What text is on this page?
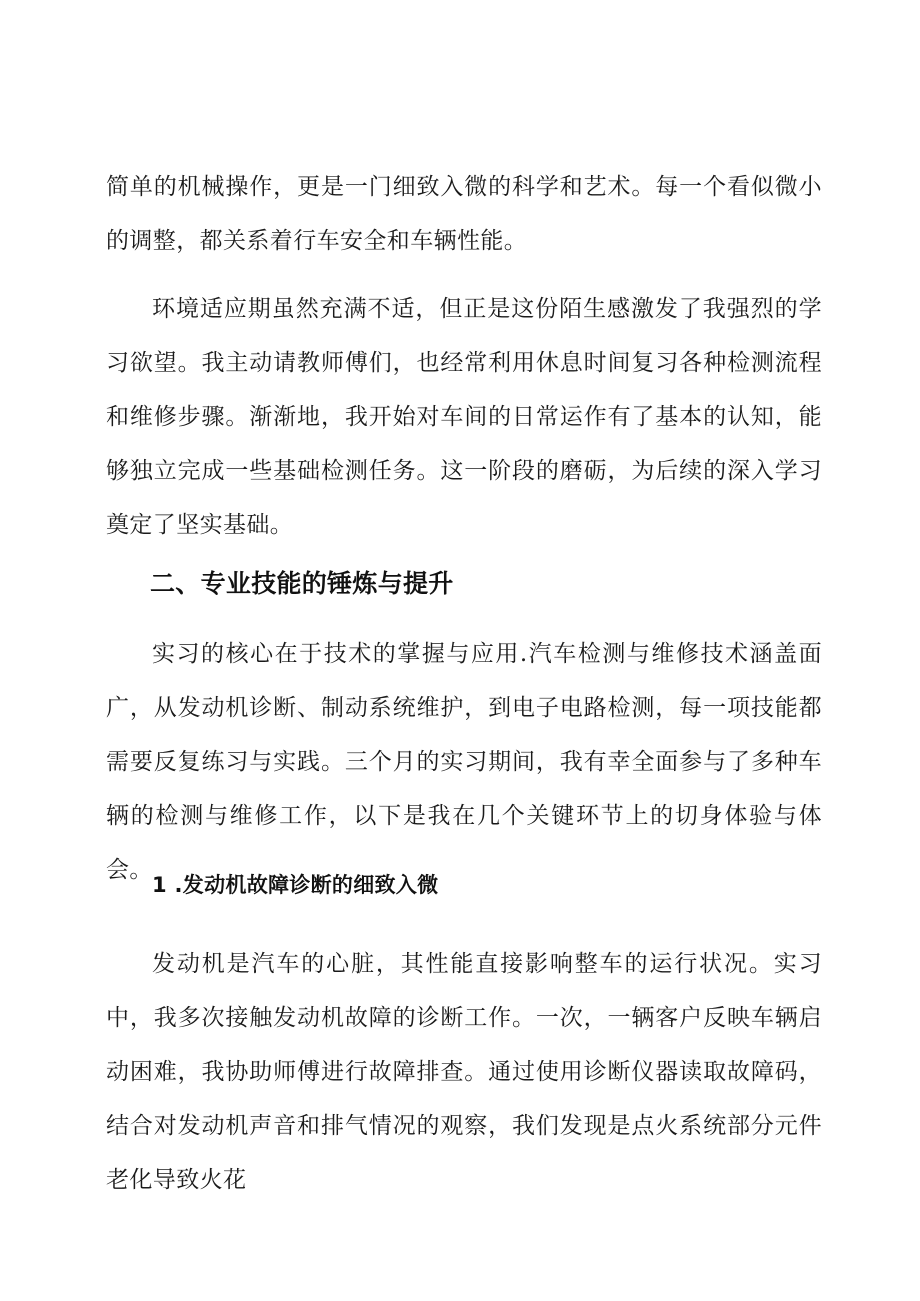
简单的机械操作，更是一门细致入微的科学和艺术。每一个看似微小的调整，都关系着行车安全和车辆性能。

环境适应期虽然充满不适，但正是这份陌生感激发了我强烈的学习欲望。我主动请教师傅们，也经常利用休息时间复习各种检测流程和维修步骤。渐渐地，我开始对车间的日常运作有了基本的认知，能够独立完成一些基础检测任务。这一阶段的磨砺，为后续的深入学习奠定了坚实基础。

二、专业技能的锤炼与提升

实习的核心在于技术的掌握与应用.汽车检测与维修技术涵盖面广，从发动机诊断、制动系统维护，到电子电路检测，每一项技能都需要反复练习与实践。三个月的实习期间，我有幸全面参与了多种车辆的检测与维修工作，以下是我在几个关键环节上的切身体验与体会。

1 .发动机故障诊断的细致入微

发动机是汽车的心脏，其性能直接影响整车的运行状况。实习中，我多次接触发动机故障的诊断工作。一次，一辆客户反映车辆启动困难，我协助师傅进行故障排查。通过使用诊断仪器读取故障码，结合对发动机声音和排气情况的观察，我们发现是点火系统部分元件老化导致火花
